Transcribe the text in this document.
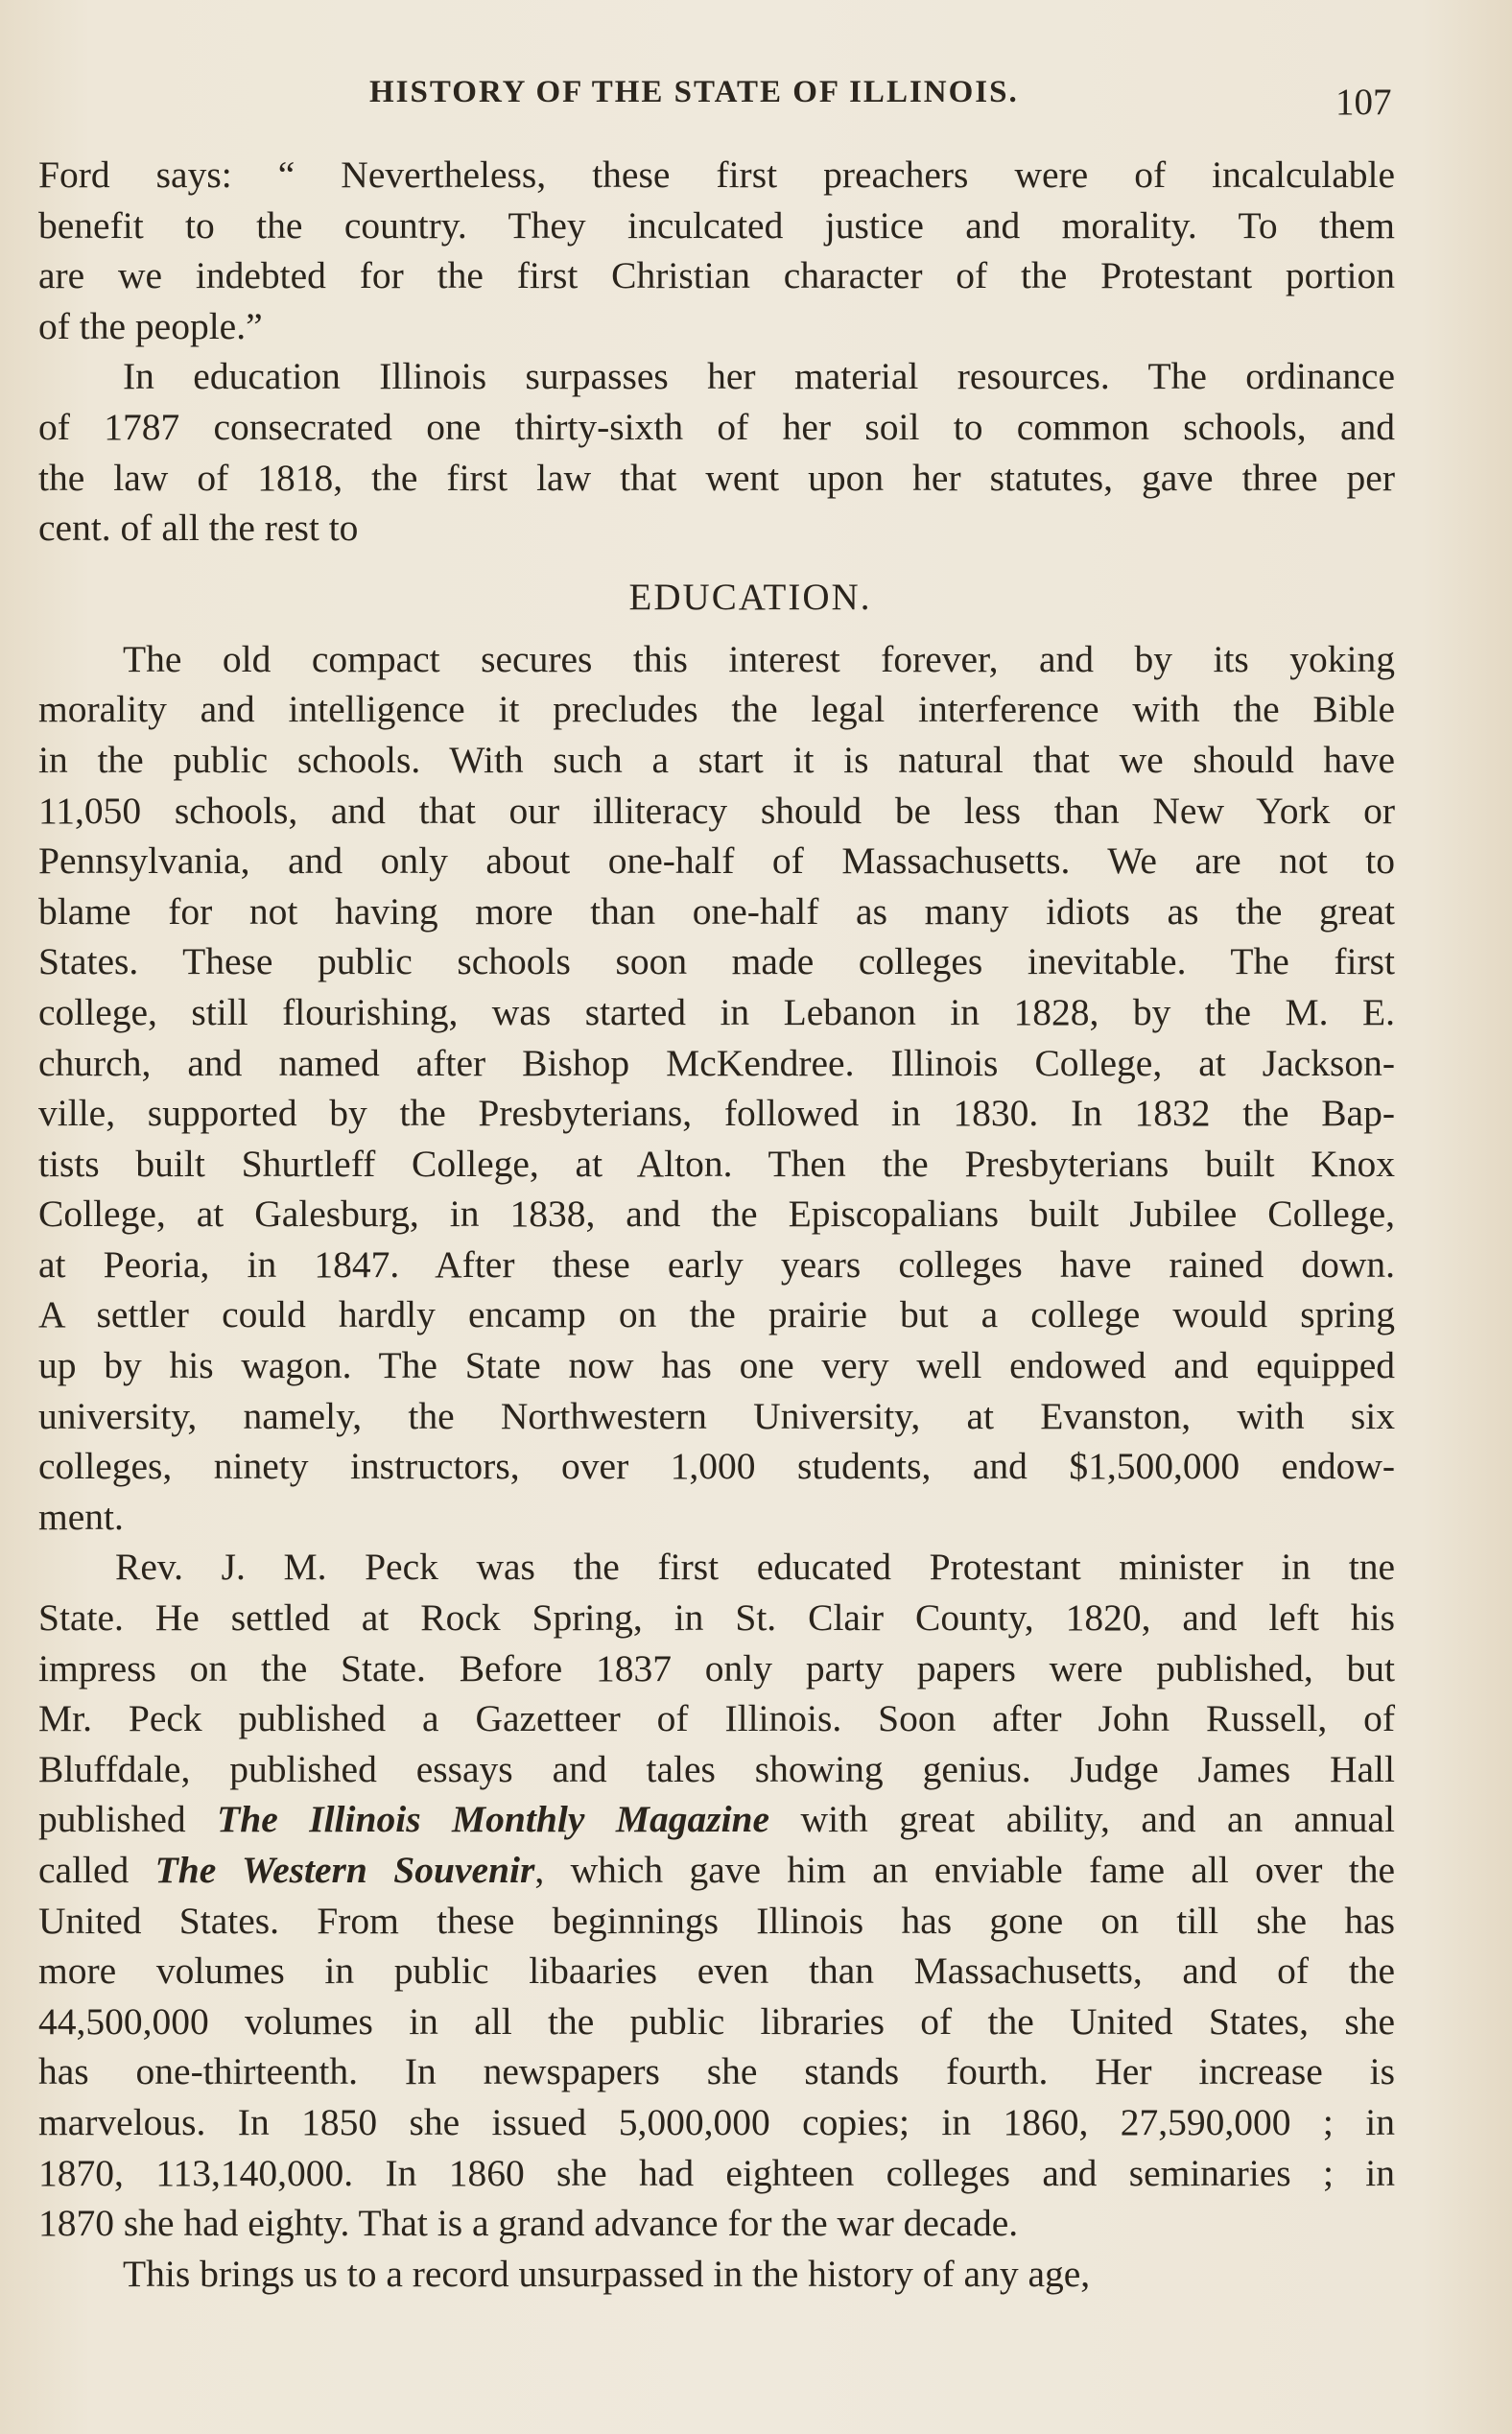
HISTORY OF THE STATE OF ILLINOIS.	107
Ford says: “ Nevertheless, these first preachers were of incalculable
benefit to the country. They inculcated justice and morality. To them
are we indebted for the first Christian character of the Protestant portion
of the people.”
In education Illinois surpasses her material resources. The ordinance
of 1787 consecrated one thirty-sixth of her soil to common schools, and
the law of 1818, the first law that went upon her statutes, gave three per
cent. of all the rest to
EDUCATION.
The old compact secures this interest forever, and by its yoking
morality and intelligence it precludes the legal interference with the Bible
in the public schools. With such a start it is natural that we should have
11,050 schools, and that our illiteracy should be less than New York or
Pennsylvania, and only about one-half of Massachusetts. We are not to
blame for not having more than one-half as many idiots as the great
States. These public schools soon made colleges inevitable. The first
college, still flourishing, was started in Lebanon in 1828, by the M. E.
church, and named after Bishop McKendree. Illinois College, at Jackson-
ville, supported by the Presbyterians, followed in 1830. In 1832 the Bap-
tists built Shurtleff College, at Alton. Then the Presbyterians built Knox
College, at Galesburg, in 1838, and the Episcopalians built Jubilee College,
at Peoria, in 1847. After these early years colleges have rained down.
A settler could hardly encamp on the prairie but a college would spring
up by his wagon. The State now has one very well endowed and equipped
university, namely, the Northwestern University, at Evanston, with six
colleges, ninety instructors, over 1,000 students, and $1,500,000 endow-
ment.
Rev. J. M. Peck was the first educated Protestant minister in tne
State. He settled at Rock Spring, in St. Clair County, 1820, and left his
impress on the State. Before 1837 only party papers were published, but
Mr. Peck published a Gazetteer of Illinois. Soon after John Russell, of
Bluffdale, published essays and tales showing genius. Judge James Hall
published The Illinois Monthly Magazine with great ability, and an annual
called The Western Souvenir, which gave him an enviable fame all over the
United States. From these beginnings Illinois has gone on till she has
more volumes in public libaaries even than Massachusetts, and of the
44,500,000 volumes in all the public libraries of the United States, she
has one-thirteenth. In newspapers she stands fourth. Her increase is
marvelous. In 1850 she issued 5,000,000 copies; in 1860, 27,590,000 ; in
1870, 113,140,000. In 1860 she had eighteen colleges and seminaries ; in
1870 she had eighty. That is a grand advance for the war decade.
This brings us to a record unsurpassed in the history of any age,
